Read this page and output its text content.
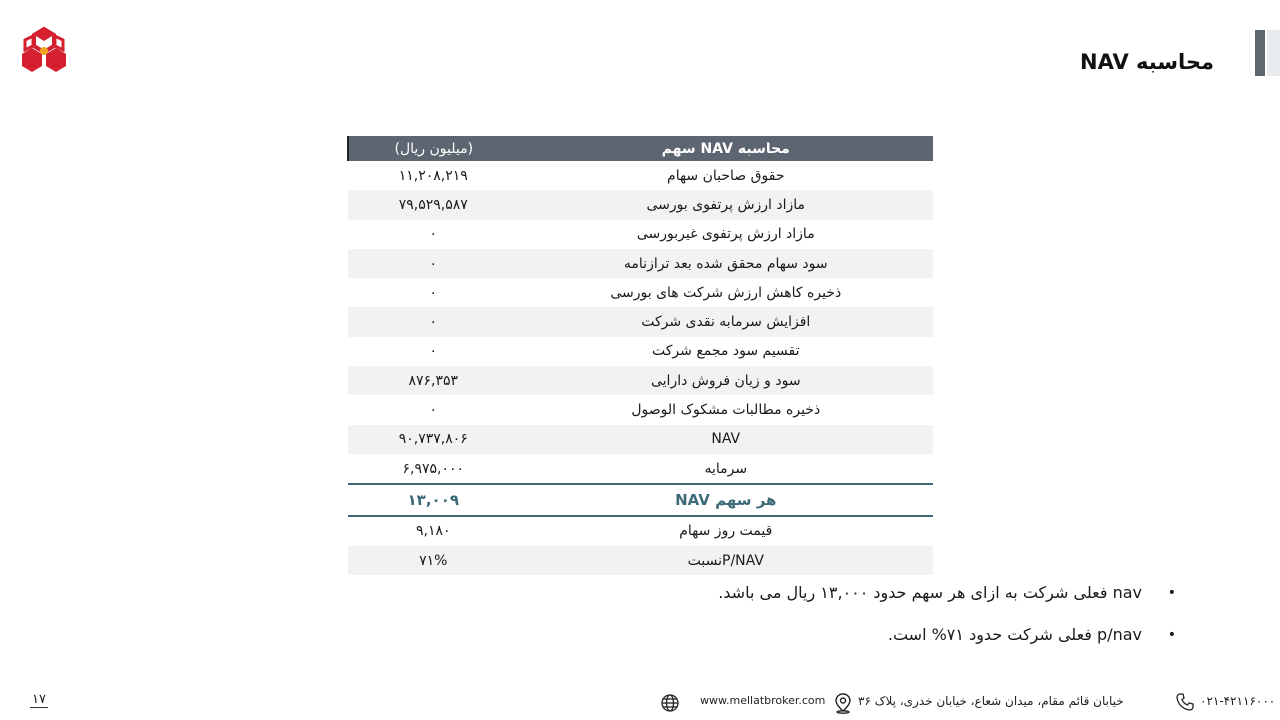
محاسبه NAV
محاسبه NAV سهم	(میلیون ریال)
حقوق صاحبان سهام	۱۱,۲۰۸,۲۱۹
مازاد ارزش پرتفوی بورسی	۷۹,۵۲۹,۵۸۷
مازاد ارزش پرتفوی غیربورسی	۰
سود سهام محقق شده بعد ترازنامه	۰
ذخیره کاهش ارزش شرکت های بورسی	۰
افزایش سرمابه نقدی شرکت	۰
تقسیم سود مجمع شرکت	۰
سود و زیان فروش دارایی	۸۷۶,۳۵۳
ذخیره مطالبات مشکوک الوصول	۰
NAV	۹۰,۷۳۷,۸۰۶
سرمایه	۶,۹۷۵,۰۰۰
هر سهم NAV	۱۳,۰۰۹
قیمت روز سهام	۹,۱۸۰
P/NAVنسبت	۷۱%
•
nav فعلی شرکت به ازای هر سهم حدود ۱۳,۰۰۰ ریال می باشد.
•
p/nav فعلی شرکت حدود ۷۱% است.
۱۷	www.mellatbroker.com	خیابان قائم مقام، میدان شعاع، خیابان خدری، پلاک ۳۶	۰۲۱-۴۲۱۱۶۰۰۰
